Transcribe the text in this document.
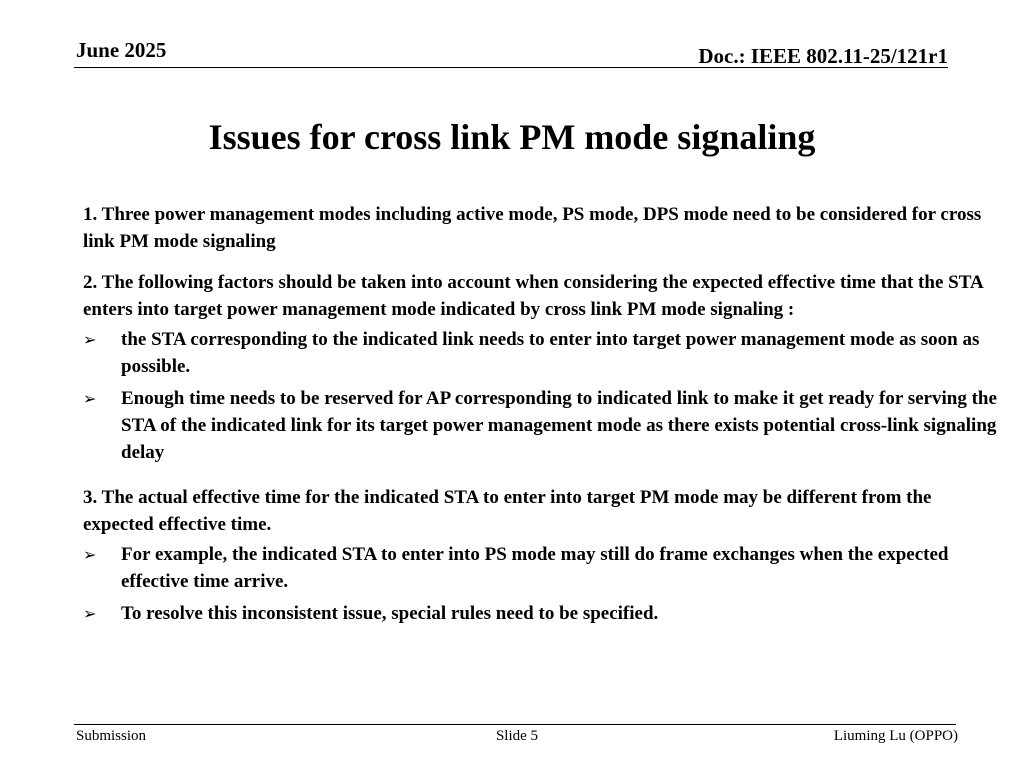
June 2025	Doc.: IEEE 802.11-25/121r1
Issues for cross link PM mode signaling

1. Three power management modes including active mode, PS mode, DPS mode need to be considered for cross link PM mode signaling

2. The following factors should be taken into account when considering the expected effective time that the STA enters into target power management mode indicated by cross link PM mode signaling :

➢	the STA corresponding to the indicated link needs to enter into target power management mode as soon as possible.
➢	Enough time needs to be reserved for AP corresponding to indicated link to make it get ready for serving the STA of the indicated link for its target power management mode as there exists potential cross-link signaling delay

3. The actual effective time for the indicated STA to enter into target PM mode may be different from the expected effective time.

➢	For example, the indicated STA to enter into PS mode may still do frame exchanges when the expected effective time arrive.
➢	To resolve this inconsistent issue, special rules need to be specified.
Submission	Slide 5	Liuming Lu (OPPO)
